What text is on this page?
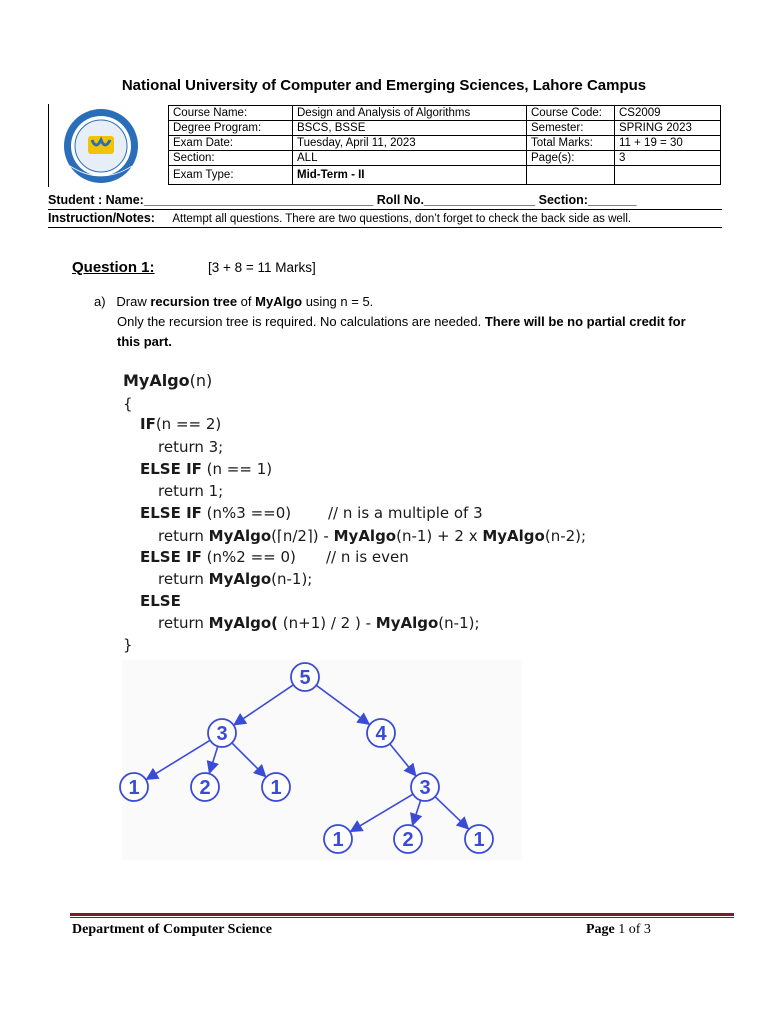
National University of Computer and Emerging Sciences, Lahore Campus
Course Name:	Design and Analysis of Algorithms	Course Code:	CS2009
Degree Program:	BSCS, BSSE	Semester:	SPRING 2023
Exam Date:	Tuesday, April 11, 2023	Total Marks:	11 + 19 = 30
Section:	ALL	Page(s):	3
Exam Type:	Mid-Term - II		
Student : Name:_________________________________ Roll No.________________ Section:_______
Instruction/Notes: Attempt all questions. There are two questions, don’t forget to check the back side as well.
Question 1:	[3 + 8 = 11 Marks]
a) Draw recursion tree of MyAlgo using n = 5.
Only the recursion tree is required. No calculations are needed. There will be no partial credit for
this part.
MyAlgo(n)
{
IF(n == 2)
return 3;
ELSE IF (n == 1)
return 1;
ELSE IF (n%3 ==0) // n is a multiple of 3
return MyAlgo(⌈n/2⌉) - MyAlgo(n-1) + 2 x MyAlgo(n-2);
ELSE IF (n%2 == 0) // n is even
return MyAlgo(n-1);
ELSE
return MyAlgo( (n+1) / 2 ) - MyAlgo(n-1);
}
5
3	4
1	2	1	3
1	2	1
Department of Computer Science	Page 1 of 3
